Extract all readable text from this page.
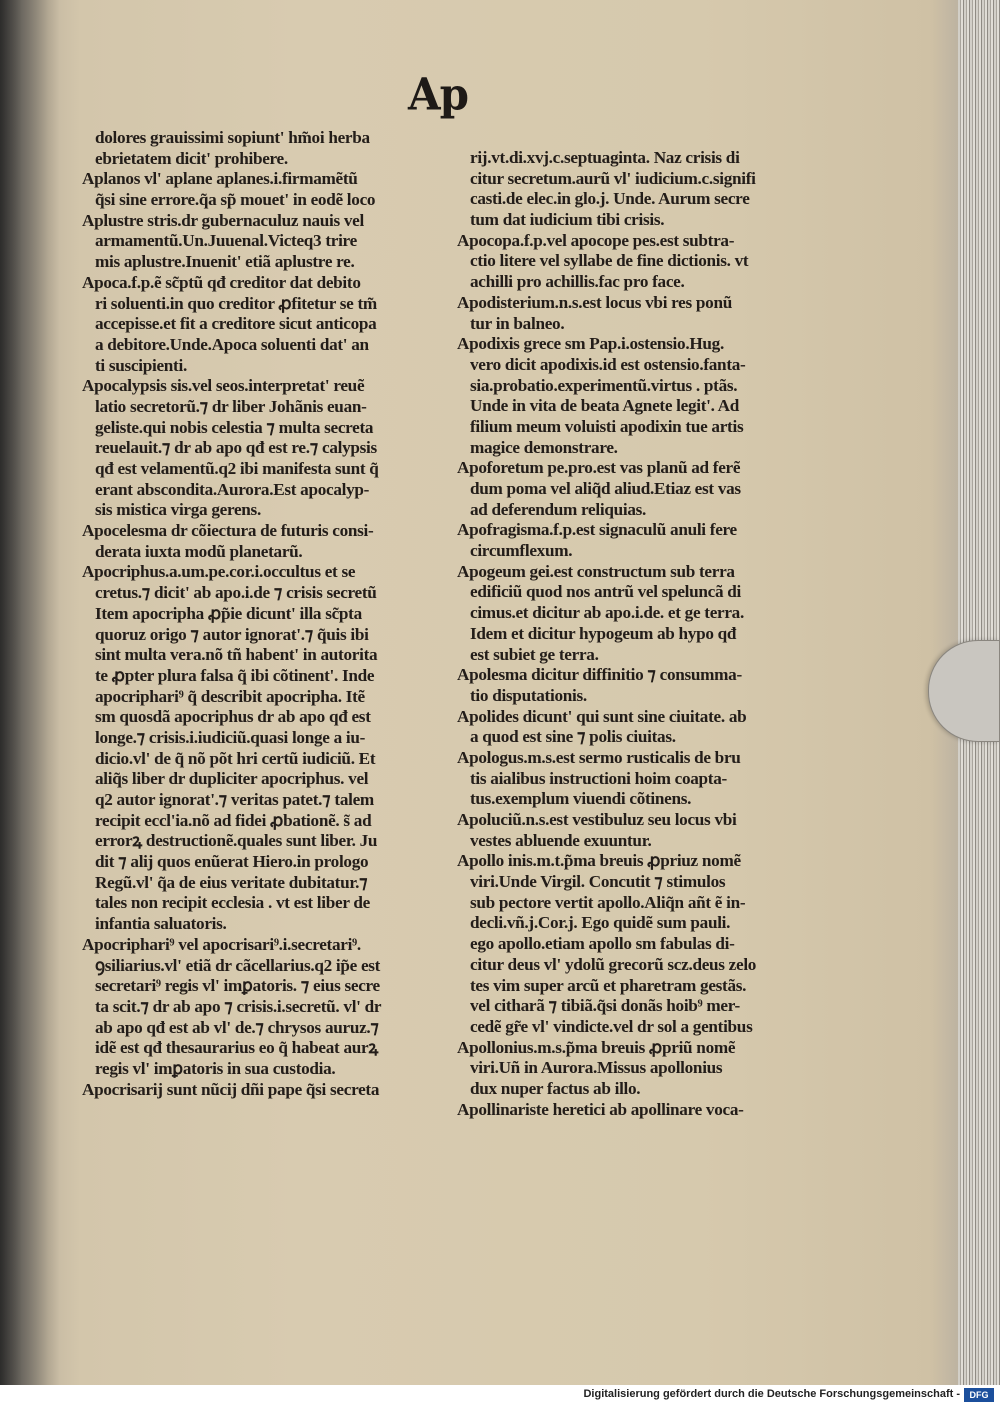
Ap
dolores grauissimi sopiunt' hm̃oi herba
ebrietatem dicit' prohibere.
Aplanos vl' aplane aplanes.i.firmamẽtũ
q̃si sine errore.q̃a sp̃ mouet' in eodẽ loco
Aplustre stris.dr gubernaculuz nauis vel
armamentũ.Un.Juuenal.Victeq3 trire
mis aplustre.Inuenit' etiã aplustre re.
Apoca.f.p.ẽ sc̃ptũ qđ creditor dat debito
ri soluenti.in quo creditor ꝓfitetur se tm̃
accepisse.et fit a creditore sicut anticopa
a debitore.Unde.Apoca soluenti dat' an
ti suscipienti.
Apocalypsis sis.vel seos.interpretat' reuẽ
latio secretorũ.⁊ dr liber Johãnis euan-
geliste.qui nobis celestia ⁊ multa secreta
reuelauit.⁊ dr ab apo qđ est re.⁊ calypsis
qđ est velamentũ.q2 ibi manifesta sunt q̃
erant abscondita.Aurora.Est apocalyp-
sis mistica virga gerens.
Apocelesma dr cõiectura de futuris consi-
derata iuxta modũ planetarũ.
Apocriphus.a.um.pe.cor.i.occultus et se
cretus.⁊ dicit' ab apo.i.de ⁊ crisis secretũ
Item apocripha ꝓp̃ie dicunt' illa sc̃pta
quoruz origo ⁊ autor ignorat'.⁊ q̃uis ibi
sint multa vera.nõ tñ habent' in autorita
te ꝓpter plura falsa q̃ ibi cõtinent'. Inde
apocriphari⁹ q̃ describit apocripha. Itẽ
sm quosdã apocriphus dr ab apo qđ est
longe.⁊ crisis.i.iudiciũ.quasi longe a iu-
dicio.vl' de q̃ nõ põt hri certũ iudiciũ. Et
aliq̃s liber dr dupliciter apocriphus. vel
q2 autor ignorat'.⁊ veritas patet.⁊ talem
recipit eccl'ia.nõ ad fidei ꝓbationẽ. s̃ ad
errorꝝ destructionẽ.quales sunt liber. Ju
dit ⁊ alij quos enũerat Hiero.in prologo
Regũ.vl' q̃a de eius veritate dubitatur.⁊
tales non recipit ecclesia . vt est liber de
infantia saluatoris.
Apocriphari⁹ vel apocrisari⁹.i.secretari⁹.
ꝯsiliarius.vl' etiã dr cãcellarius.q2 ip̃e est
secretari⁹ regis vl' imꝑatoris. ⁊ eius secre
ta scit.⁊ dr ab apo ⁊ crisis.i.secretũ. vl' dr
ab apo qđ est ab vl' de.⁊ chrysos auruz.⁊
idẽ est qđ thesaurarius eo q̃ habeat aurꝝ
regis vl' imꝑatoris in sua custodia.
Apocrisarij sunt nũcij dñi pape q̃si secreta
rij.vt.di.xvj.c.septuaginta. Naz crisis di
citur secretum.aurũ vl' iudicium.c.signifi
casti.de elec.in glo.j. Unde. Aurum secre
tum dat iudicium tibi crisis.
Apocopa.f.p.vel apocope pes.est subtra-
ctio litere vel syllabe de fine dictionis. vt
achilli pro achillis.fac pro face.
Apodisterium.n.s.est locus vbi res ponũ
tur in balneo.
Apodixis grece sm Pap.i.ostensio.Hug.
vero dicit apodixis.id est ostensio.fanta-
sia.probatio.experimentũ.virtus . ptãs.
Unde in vita de beata Agnete legit'. Ad
filium meum voluisti apodixin tue artis
magice demonstrare.
Apoforetum pe.pro.est vas planũ ad ferẽ
dum poma vel aliq̃d aliud.Etiaz est vas
ad deferendum reliquias.
Apofragisma.f.p.est signaculũ anuli fere
circumflexum.
Apogeum gei.est constructum sub terra
edificiũ quod nos antrũ vel speluncã di
cimus.et dicitur ab apo.i.de. et ge terra.
Idem et dicitur hypogeum ab hypo qđ
est subiet ge terra.
Apolesma dicitur diffinitio ⁊ consumma-
tio disputationis.
Apolides dicunt' qui sunt sine ciuitate. ab
a quod est sine ⁊ polis ciuitas.
Apologus.m.s.est sermo rusticalis de bru
tis aialibus instructioni hoim coapta-
tus.exemplum viuendi cõtinens.
Apoluciũ.n.s.est vestibuluz seu locus vbi
vestes abluende exuuntur.
Apollo inis.m.t.p̃ma breuis ꝓpriuz nomẽ
viri.Unde Virgil. Concutit ⁊ stimulos
sub pectore vertit apollo.Aliq̃n añt ẽ in-
decli.vñ.j.Cor.j. Ego quidẽ sum pauli.
ego apollo.etiam apollo sm fabulas di-
citur deus vl' ydolũ grecorũ scz.deus zelo
tes vim super arcũ et pharetram gestãs.
vel citharã ⁊ tibiã.q̃si donãs hoib⁹ mer-
cedẽ gr̃e vl' vindicte.vel dr sol a gentibus
Apollonius.m.s.p̃ma breuis ꝓpriũ nomẽ
viri.Uñ in Aurora.Missus apollonius
dux nuper factus ab illo.
Apollinariste heretici ab apollinare voca-
Digitalisierung gefördert durch die Deutsche Forschungsgemeinschaft -	DFG
